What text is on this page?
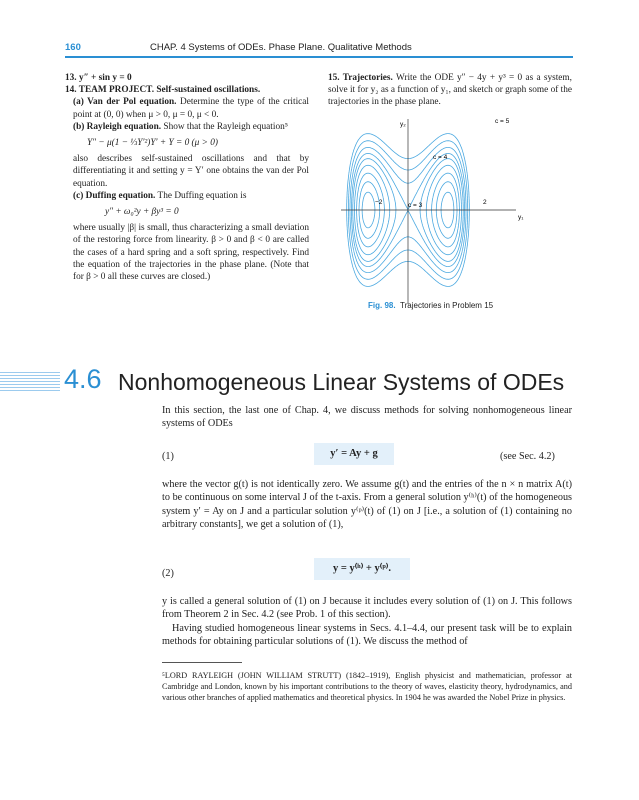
160	CHAP. 4 Systems of ODEs. Phase Plane. Qualitative Methods

13. y″ + sin y = 0

14. TEAM PROJECT. Self-sustained oscillations.

(a) Van der Pol equation. Determine the type of the critical point at (0, 0) when μ > 0, μ = 0, μ < 0.

(b) Rayleigh equation. Show that the Rayleigh equation⁵

Y″ − μ(1 − ⅓Y′²)Y′ + Y = 0 (μ > 0)

also describes self-sustained oscillations and that by differentiating it and setting y = Y′ one obtains the van der Pol equation.

(c) Duffing equation. The Duffing equation is

y″ + ω₀²y + βy³ = 0

where usually |β| is small, thus characterizing a small deviation of the restoring force from linearity. β > 0 and β < 0 are called the cases of a hard spring and a soft spring, respectively. Find the equation of the trajectories in the phase plane. (Note that for β > 0 all these curves are closed.)

15. Trajectories. Write the ODE y″ − 4y + y³ = 0 as a system, solve it for y₂ as a function of y₁, and sketch or graph some of the trajectories in the phase plane.

y₂
y₁
c = 5
c = 4
c = 3
−2	2
Fig. 98. Trajectories in Problem 15
4.6 Nonhomogeneous Linear Systems of ODEs
In this section, the last one of Chap. 4, we discuss methods for solving nonhomogeneous linear systems of ODEs
(1)	y′ = Ay + g	(see Sec. 4.2)
where the vector g(t) is not identically zero. We assume g(t) and the entries of the n × n matrix A(t) to be continuous on some interval J of the t-axis. From a general solution y⁽ʰ⁾(t) of the homogeneous system y′ = Ay on J and a particular solution y⁽ᵖ⁾(t) of (1) on J [i.e., a solution of (1) containing no arbitrary constants], we get a solution of (1),
(2)	y = y⁽ʰ⁾ + y⁽ᵖ⁾.
y is called a general solution of (1) on J because it includes every solution of (1) on J. This follows from Theorem 2 in Sec. 4.2 (see Prob. 1 of this section).
Having studied homogeneous linear systems in Secs. 4.1–4.4, our present task will be to explain methods for obtaining particular solutions of (1). We discuss the method of
⁵LORD RAYLEIGH (JOHN WILLIAM STRUTT) (1842–1919), English physicist and mathematician, professor at Cambridge and London, known by his important contributions to the theory of waves, elasticity theory, hydrodynamics, and various other branches of applied mathematics and theoretical physics. In 1904 he was awarded the Nobel Prize in physics.
